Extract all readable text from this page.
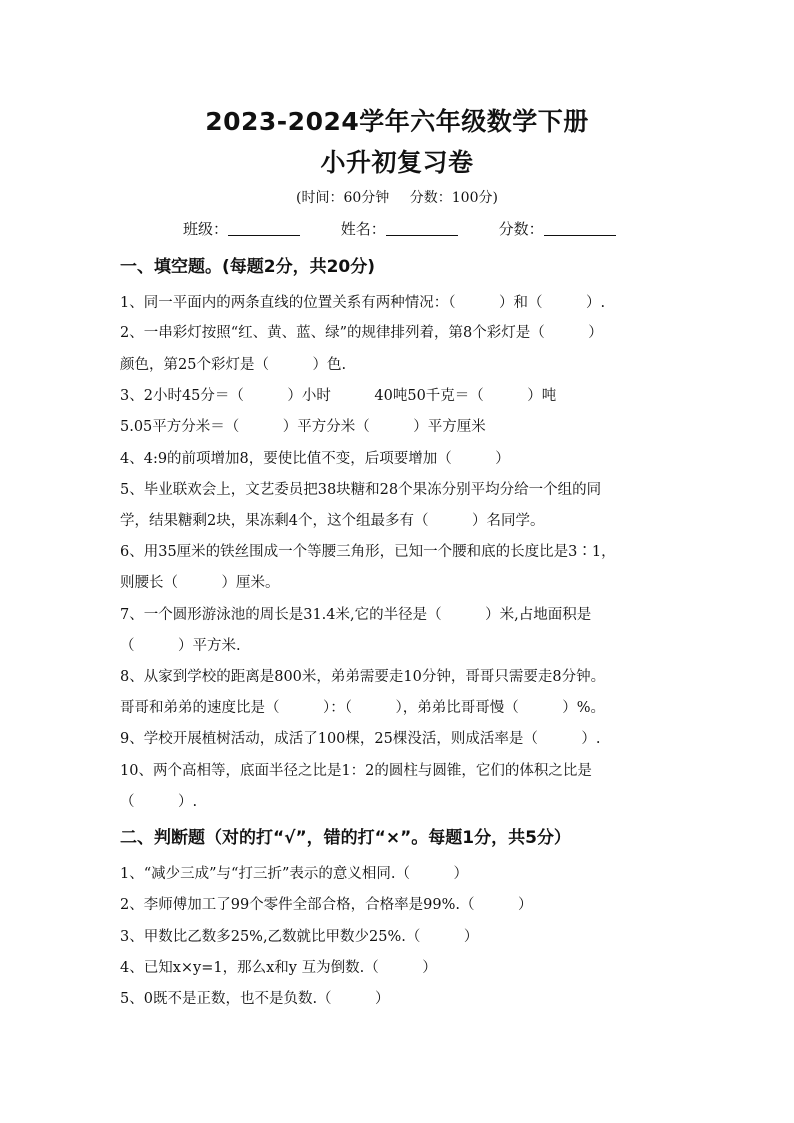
2023-2024学年六年级数学下册
小升初复习卷
(时间：60分钟 分数：100分)
班级：	姓名：	分数：
一、填空题。(每题2分，共20分)
1、同一平面内的两条直线的位置关系有两种情况：（　　　）和（　　　）.
2、一串彩灯按照“红、黄、蓝、绿”的规律排列着，第8个彩灯是（　　　）
颜色，第25个彩灯是（　　　）色.
3、2小时45分＝（　　　）小时　　　40吨50千克＝（　　　）吨
5.05平方分米＝（　　　）平方分米（　　　）平方厘米
4、4:9的前项增加8，要使比值不变，后项要增加（　　　）
5、毕业联欢会上，文艺委员把38块糖和28个果冻分别平均分给一个组的同
学，结果糖剩2块，果冻剩4个，这个组最多有（　　　）名同学。
6、用35厘米的铁丝围成一个等腰三角形，已知一个腰和底的长度比是3∶1，
则腰长（　　　）厘米。
7、一个圆形游泳池的周长是31.4米,它的半径是（　　　）米,占地面积是
（　　　）平方米.
8、从家到学校的距离是800米，弟弟需要走10分钟，哥哥只需要走8分钟。
哥哥和弟弟的速度比是（　　　）：（　　　），弟弟比哥哥慢（　　　）%。
9、学校开展植树活动，成活了100棵，25棵没活，则成活率是（　　　）.
10、两个高相等，底面半径之比是1：2的圆柱与圆锥，它们的体积之比是
（　　　）.
二、判断题（对的打“√”，错的打“×”。每题1分，共5分）
1、“减少三成”与“打三折”表示的意义相同.（　　　）
2、李师傅加工了99个零件全部合格，合格率是99%.（　　　）
3、甲数比乙数多25%,乙数就比甲数少25%.（　　　）
4、已知x×y=1，那么x和y 互为倒数.（　　　）
5、0既不是正数，也不是负数.（　　　）
